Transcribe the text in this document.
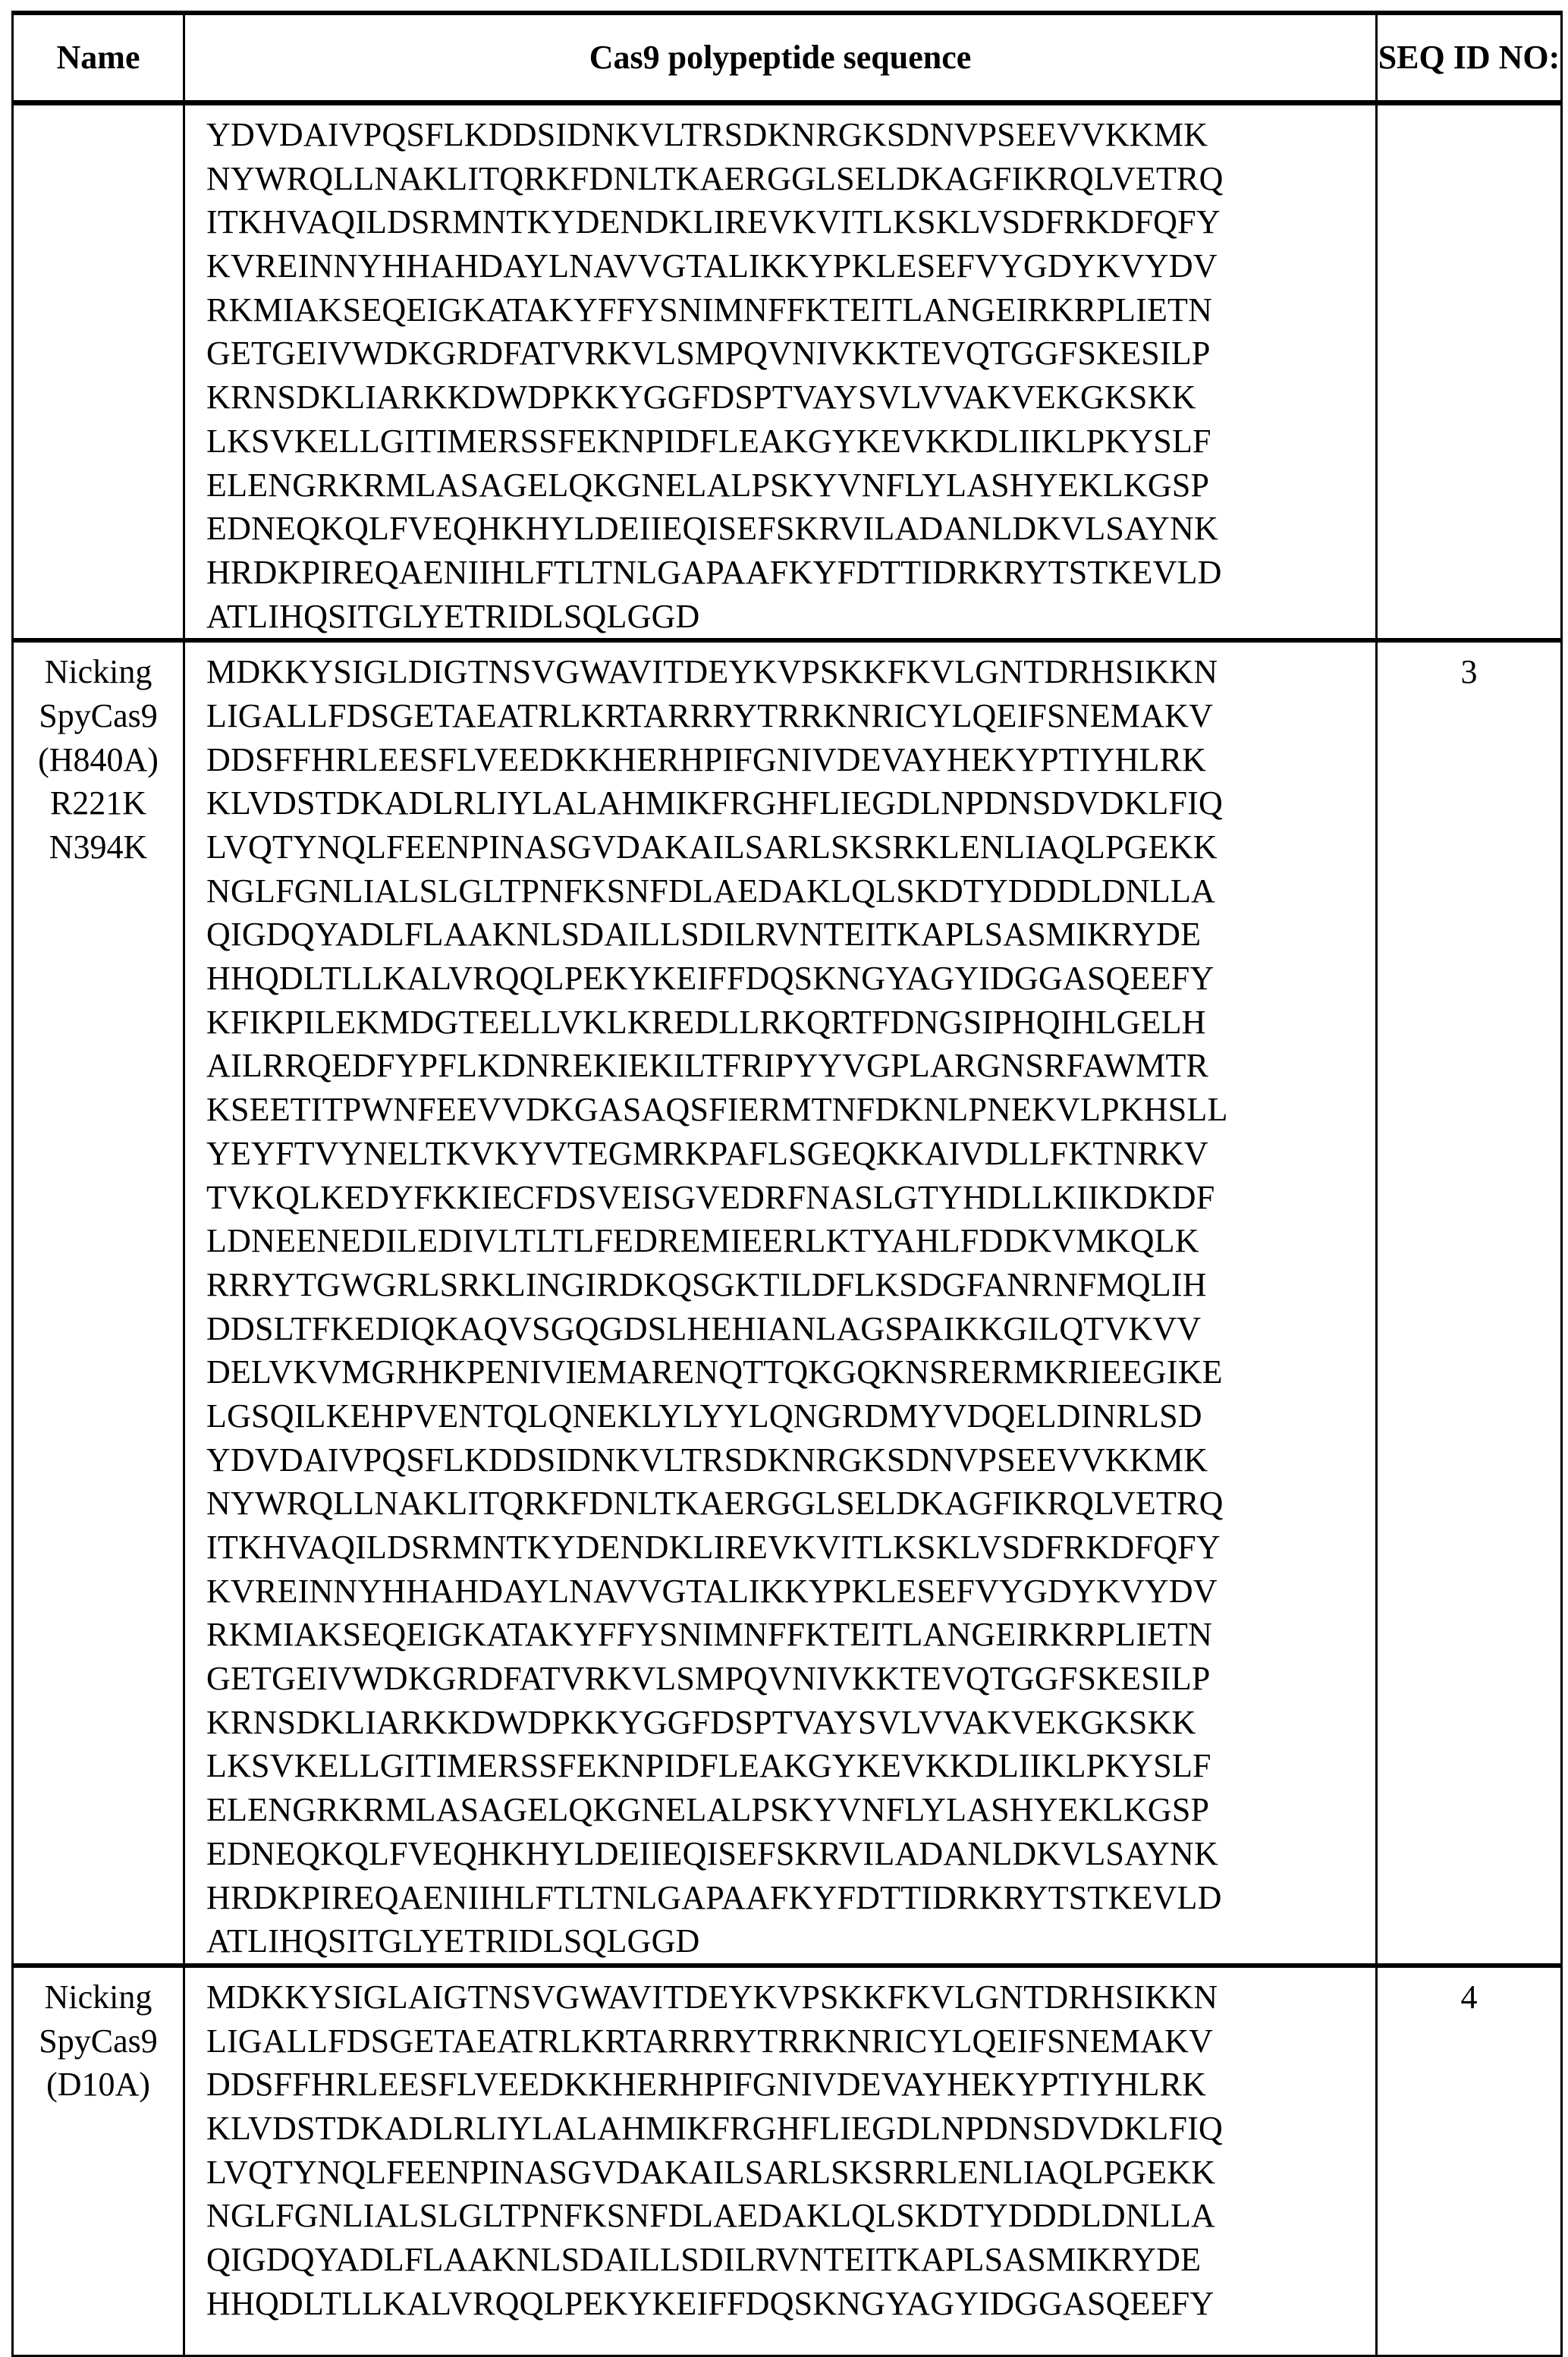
Name	Cas9 polypeptide sequence	SEQ ID NO:

YDVDAIVPQSFLKDDSIDNKVLTRSDKNRGKSDNVPSEEVVKKMK
NYWRQLLNAKLITQRKFDNLTKAERGGLSELDKAGFIKRQLVETRQ
ITKHVAQILDSRMNTKYDENDKLIREVKVITLKSKLVSDFRKDFQFY
KVREINNYHHAHDAYLNAVVGTALIKKYPKLESEFVYGDYKVYDV
RKMIAKSEQEIGKATAKYFFYSNIMNFFKTEITLANGEIRKRPLIETN
GETGEIVWDKGRDFATVRKVLSMPQVNIVKKTEVQTGGFSKESILP
KRNSDKLIARKKDWDPKKYGGFDSPTVAYSVLVVAKVEKGKSKK
LKSVKELLGITIMERSSFEKNPIDFLEAKGYKEVKKDLIIKLPKYSLF
ELENGRKRMLASAGELQKGNELALPSKYVNFLYLASHYEKLKGSP
EDNEQKQLFVEQHKHYLDEIIEQISEFSKRVILADANLDKVLSAYNK
HRDKPIREQAENIIHLFTLTNLGAPAAFKYFDTTIDRKRYTSTKEVLD
ATLIHQSITGLYETRIDLSQLGGD

Nicking
SpyCas9
(H840A)
R221K
N394K

MDKKYSIGLDIGTNSVGWAVITDEYKVPSKKFKVLGNTDRHSIKKN
LIGALLFDSGETAEATRLKRTARRRYTRRKNRICYLQEIFSNEMAKV
DDSFFHRLEESFLVEEDKKHERHPIFGNIVDEVAYHEKYPTIYHLRK
KLVDSTDKADLRLIYLALAHMIKFRGHFLIEGDLNPDNSDVDKLFIQ
LVQTYNQLFEENPINASGVDAKAILSARLSKSRKLENLIAQLPGEKK
NGLFGNLIALSLGLTPNFKSNFDLAEDAKLQLSKDTYDDDLDNLLA
QIGDQYADLFLAAKNLSDAILLSDILRVNTEITKAPLSASMIKRYDE
HHQDLTLLKALVRQQLPEKYKEIFFDQSKNGYAGYIDGGASQEEFY
KFIKPILEKMDGTEELLVKLKREDLLRKQRTFDNGSIPHQIHLGELH
AILRRQEDFYPFLKDNREKIEKILTFRIPYYVGPLARGNSRFAWMTR
KSEETITPWNFEEVVDKGASAQSFIERMTNFDKNLPNEKVLPKHSLL
YEYFTVYNELTKVKYVTEGMRKPAFLSGEQKKAIVDLLFKTNRKV
TVKQLKEDYFKKIECFDSVEISGVEDRFNASLGTYHDLLKIIKDKDF
LDNEENEDILEDIVLTLTLFEDREMIEERLKTYAHLFDDKVMKQLK
RRRYTGWGRLSRKLINGIRDKQSGKTILDFLKSDGFANRNFMQLIH
DDSLTFKEDIQKAQVSGQGDSLHEHIANLAGSPAIKKGILQTVKVV
DELVKVMGRHKPENIVIEMARENQTTQKGQKNSRERMKRIEEGIKE
LGSQILKEHPVENTQLQNEKLYLYYLQNGRDMYVDQELDINRLSD
YDVDAIVPQSFLKDDSIDNKVLTRSDKNRGKSDNVPSEEVVKKMK
NYWRQLLNAKLITQRKFDNLTKAERGGLSELDKAGFIKRQLVETRQ
ITKHVAQILDSRMNTKYDENDKLIREVKVITLKSKLVSDFRKDFQFY
KVREINNYHHAHDAYLNAVVGTALIKKYPKLESEFVYGDYKVYDV
RKMIAKSEQEIGKATAKYFFYSNIMNFFKTEITLANGEIRKRPLIETN
GETGEIVWDKGRDFATVRKVLSMPQVNIVKKTEVQTGGFSKESILP
KRNSDKLIARKKDWDPKKYGGFDSPTVAYSVLVVAKVEKGKSKK
LKSVKELLGITIMERSSFEKNPIDFLEAKGYKEVKKDLIIKLPKYSLF
ELENGRKRMLASAGELQKGNELALPSKYVNFLYLASHYEKLKGSP
EDNEQKQLFVEQHKHYLDEIIEQISEFSKRVILADANLDKVLSAYNK
HRDKPIREQAENIIHLFTLTNLGAPAAFKYFDTTIDRKRYTSTKEVLD
ATLIHQSITGLYETRIDLSQLGGD
	3

Nicking
SpyCas9
(D10A)

MDKKYSIGLAIGTNSVGWAVITDEYKVPSKKFKVLGNTDRHSIKKN
LIGALLFDSGETAEATRLKRTARRRYTRRKNRICYLQEIFSNEMAKV
DDSFFHRLEESFLVEEDKKHERHPIFGNIVDEVAYHEKYPTIYHLRK
KLVDSTDKADLRLIYLALAHMIKFRGHFLIEGDLNPDNSDVDKLFIQ
LVQTYNQLFEENPINASGVDAKAILSARLSKSRRLENLIAQLPGEKK
NGLFGNLIALSLGLTPNFKSNFDLAEDAKLQLSKDTYDDDLDNLLA
QIGDQYADLFLAAKNLSDAILLSDILRVNTEITKAPLSASMIKRYDE
HHQDLTLLKALVRQQLPEKYKEIFFDQSKNGYAGYIDGGASQEEFY
	4
